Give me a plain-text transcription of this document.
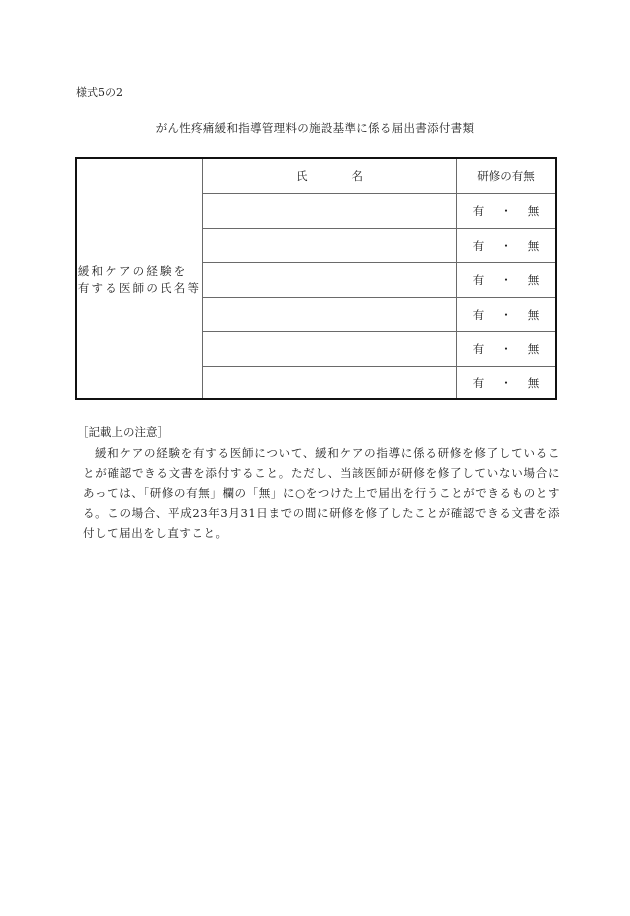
様式5の2
がん性疼痛緩和指導管理料の施設基準に係る届出書添付書類
緩和ケアの経験を
有する医師の氏名等
氏	名	研修の有無
有 ・ 無
有 ・ 無
有 ・ 無
有 ・ 無
有 ・ 無
有 ・ 無
［記載上の注意］
緩和ケアの経験を有する医師について、緩和ケアの指導に係る研修を修了していることが確認できる文書を添付すること。ただし、当該医師が研修を修了していない場合にあっては、「研修の有無」欄の「無」に○をつけた上で届出を行うことができるものとする。この場合、平成23年3月31日までの間に研修を修了したことが確認できる文書を添付して届出をし直すこと。
